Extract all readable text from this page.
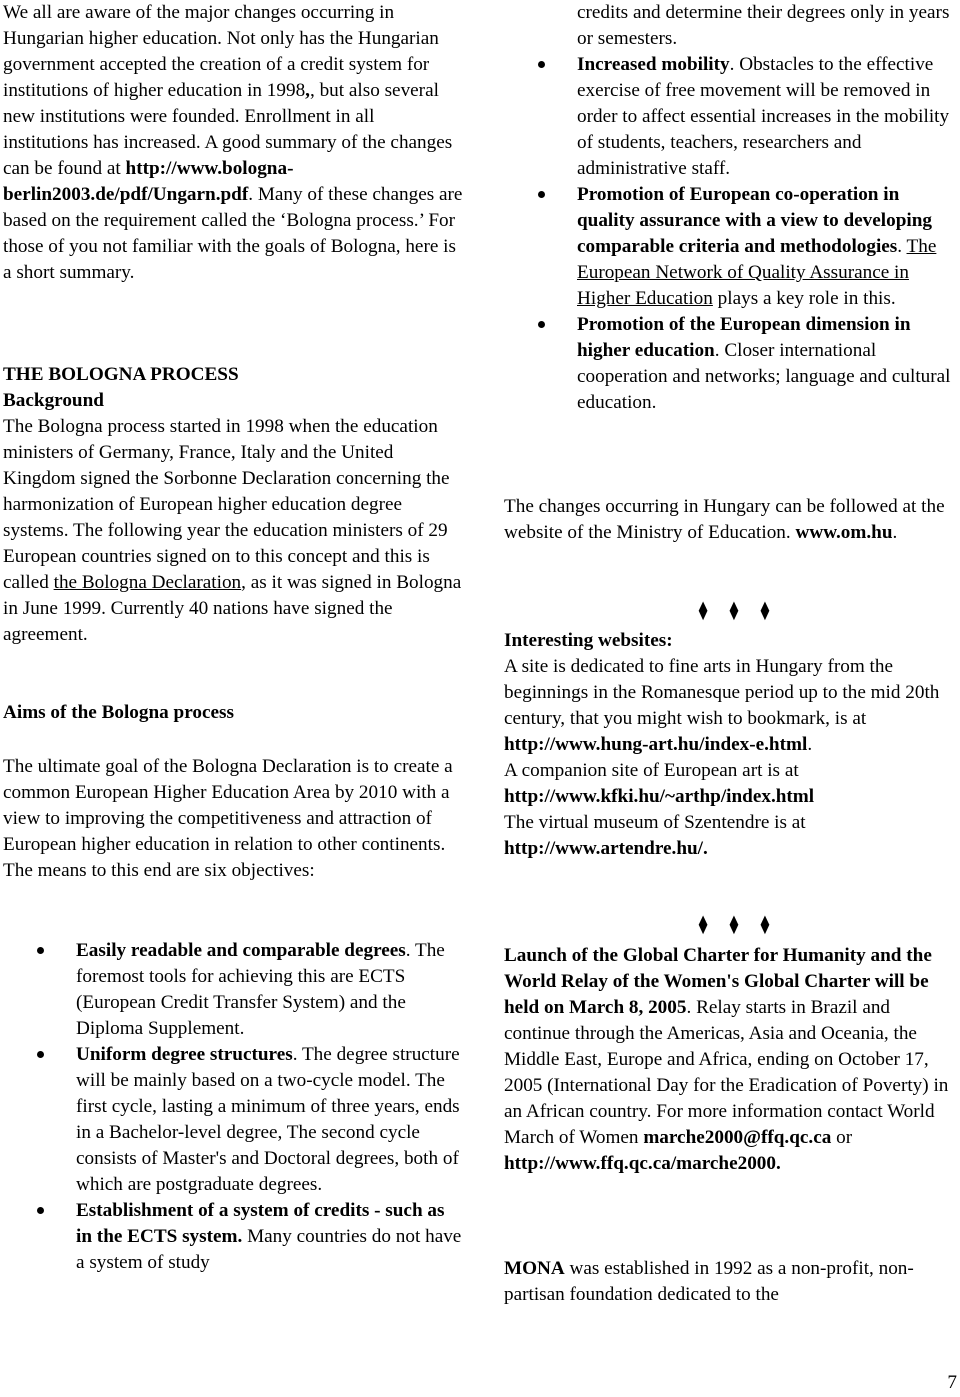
We all are aware of the major changes occurring in Hungarian higher education. Not only has the Hungarian government accepted the creation of a credit system for institutions of higher education in 1998,, but also several new institutions were founded. Enrollment in all institutions has increased. A good summary of the changes can be found at http://www.bologna-berlin2003.de/pdf/Ungarn.pdf. Many of these changes are based on the requirement called the ‘Bologna process.’ For those of you not familiar with the goals of Bologna, here is a short summary.

THE BOLOGNA PROCESS
Background
The Bologna process started in 1998 when the education ministers of Germany, France, Italy and the United Kingdom signed the Sorbonne Declaration concerning the harmonization of European higher education degree systems. The following year the education ministers of 29 European countries signed on to this concept and this is called the Bologna Declaration, as it was signed in Bologna in June 1999. Currently 40 nations have signed the agreement.

Aims of the Bologna process

The ultimate goal of the Bologna Declaration is to create a common European Higher Education Area by 2010 with a view to improving the competitiveness and attraction of European higher education in relation to other continents. The means to this end are six objectives:

Easily readable and comparable degrees. The foremost tools for achieving this are ECTS (European Credit Transfer System) and the Diploma Supplement.
Uniform degree structures. The degree structure will be mainly based on a two-cycle model. The first cycle, lasting a minimum of three years, ends in a Bachelor-level degree, The second cycle consists of Master's and Doctoral degrees, both of which are postgraduate degrees.
Establishment of a system of credits - such as in the ECTS system. Many countries do not have a system of study
credits and determine their degrees only in years or semesters.
Increased mobility. Obstacles to the effective exercise of free movement will be removed in order to affect essential increases in the mobility of students, teachers, researchers and administrative staff.
Promotion of European co-operation in quality assurance with a view to developing comparable criteria and methodologies. The European Network of Quality Assurance in Higher Education plays a key role in this.
Promotion of the European dimension in higher education. Closer international cooperation and networks; language and cultural education.

The changes occurring in Hungary can be followed at the website of the Ministry of Education. www.om.hu.

⧫ ⧫ ⧫

Interesting websites:
A site is dedicated to fine arts in Hungary from the beginnings in the Romanesque period up to the mid 20th century, that you might wish to bookmark, is at http://www.hung-art.hu/index-e.html.
A companion site of European art is at http://www.kfki.hu/~arthp/index.html
The virtual museum of Szentendre is at http://www.artendre.hu/.

⧫ ⧫ ⧫

Launch of the Global Charter for Humanity and the World Relay of the Women's Global Charter will be held on March 8, 2005. Relay starts in Brazil and continue through the Americas, Asia and Oceania, the Middle East, Europe and Africa, ending on October 17, 2005 (International Day for the Eradication of Poverty) in an African country. For more information contact World March of Women marche2000@ffq.qc.ca or http://www.ffq.qc.ca/marche2000.

MONA was established in 1992 as a non-profit, non-partisan foundation dedicated to the

7
